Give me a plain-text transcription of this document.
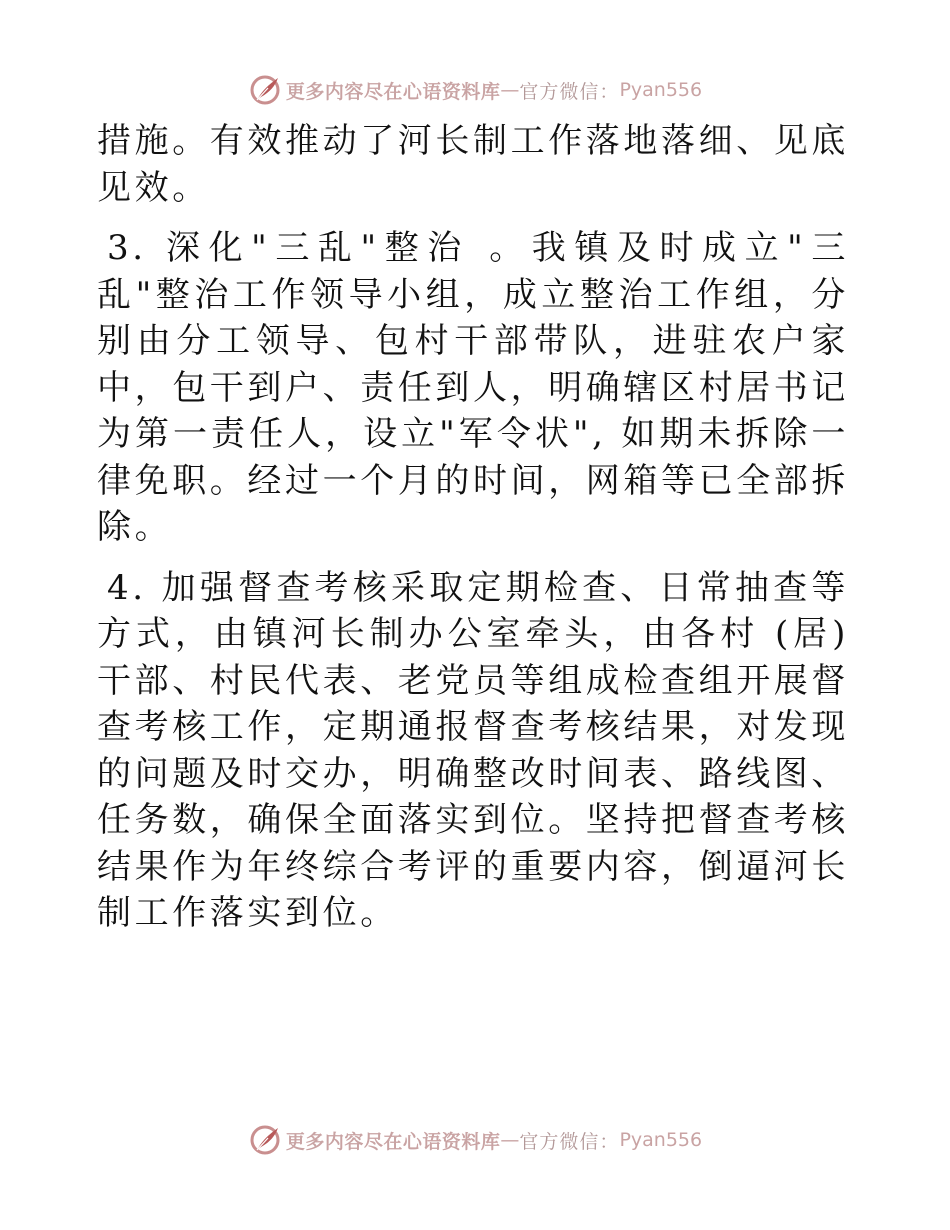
更多内容尽在心语资料库 — 官方微信： Pyan556

措施。有效推动了河长制工作落地落细、见底见效。

3. 深化"三乱"整治 。我镇及时成立"三乱"整治工作领导小组，成立整治工作组，分别由分工领导、包村干部带队，进驻农户家中，包干到户、责任到人，明确辖区村居书记为第一责任人，设立"军令状", 如期未拆除一律免职。经过一个月的时间，网箱等已全部拆除。

4. 加强督查考核采取定期检查、日常抽查等方式，由镇河长制办公室牵头，由各村 (居) 干部、村民代表、老党员等组成检查组开展督查考核工作，定期通报督查考核结果，对发现的问题及时交办，明确整改时间表、路线图、任务数，确保全面落实到位。坚持把督查考核结果作为年终综合考评的重要内容，倒逼河长制工作落实到位。

更多内容尽在心语资料库 — 官方微信： Pyan556
